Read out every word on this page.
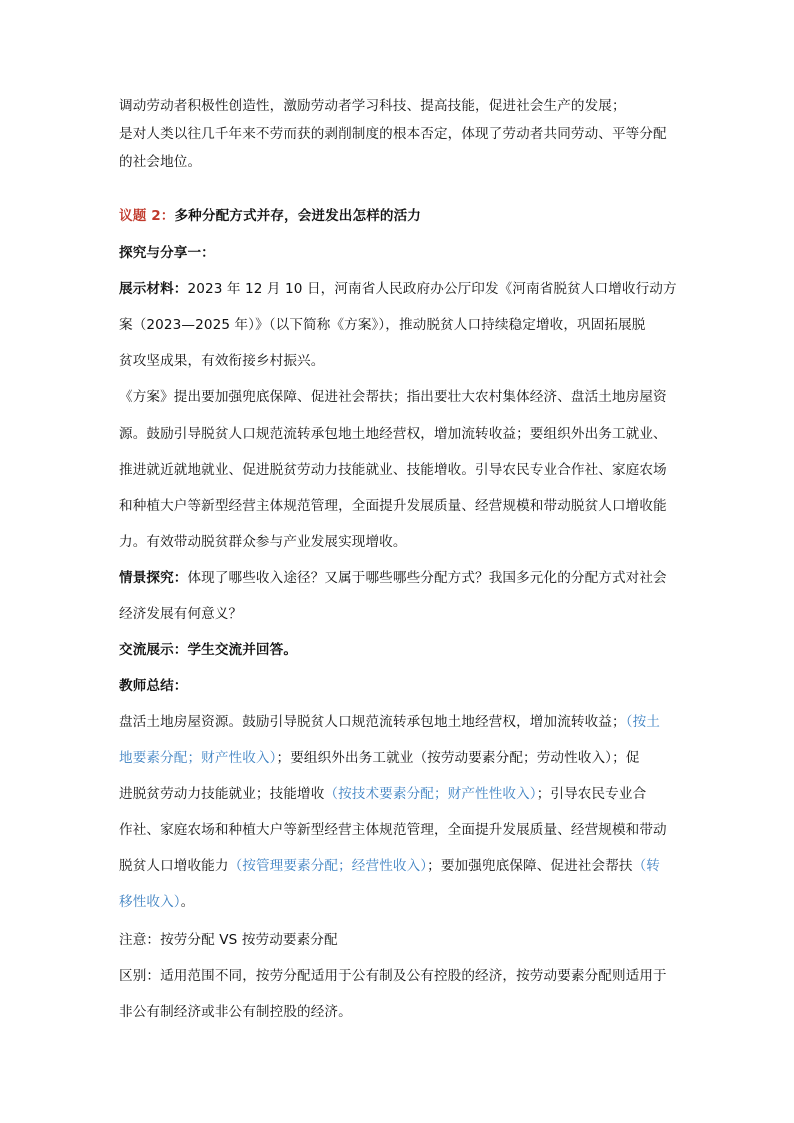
调动劳动者积极性创造性，激励劳动者学习科技、提高技能，促进社会生产的发展；
是对人类以往几千年来不劳而获的剥削制度的根本否定，体现了劳动者共同劳动、平等分配
的社会地位。
议题 2：多种分配方式并存，会迸发出怎样的活力
探究与分享一：
展示材料：2023 年 12 月 10 日，河南省人民政府办公厅印发《河南省脱贫人口增收行动方
案（2023—2025 年）》（以下简称《方案》），推动脱贫人口持续稳定增收，巩固拓展脱
贫攻坚成果，有效衔接乡村振兴。
《方案》提出要加强兜底保障、促进社会帮扶；指出要壮大农村集体经济、盘活土地房屋资
源。鼓励引导脱贫人口规范流转承包地土地经营权，增加流转收益；要组织外出务工就业、
推进就近就地就业、促进脱贫劳动力技能就业、技能增收。引导农民专业合作社、家庭农场
和种植大户等新型经营主体规范管理，全面提升发展质量、经营规模和带动脱贫人口增收能
力。有效带动脱贫群众参与产业发展实现增收。
情景探究：体现了哪些收入途径？又属于哪些哪些分配方式？我国多元化的分配方式对社会
经济发展有何意义？
交流展示：学生交流并回答。
教师总结：
盘活土地房屋资源。鼓励引导脱贫人口规范流转承包地土地经营权，增加流转收益；（按土
地要素分配；财产性收入）；要组织外出务工就业（按劳动要素分配；劳动性收入）；促
进脱贫劳动力技能就业；技能增收（按技术要素分配；财产性性收入）；引导农民专业合
作社、家庭农场和种植大户等新型经营主体规范管理，全面提升发展质量、经营规模和带动
脱贫人口增收能力（按管理要素分配；经营性收入）；要加强兜底保障、促进社会帮扶（转
移性收入）。
注意：按劳分配 VS 按劳动要素分配
区别：适用范围不同，按劳分配适用于公有制及公有控股的经济，按劳动要素分配则适用于
非公有制经济或非公有制控股的经济。
